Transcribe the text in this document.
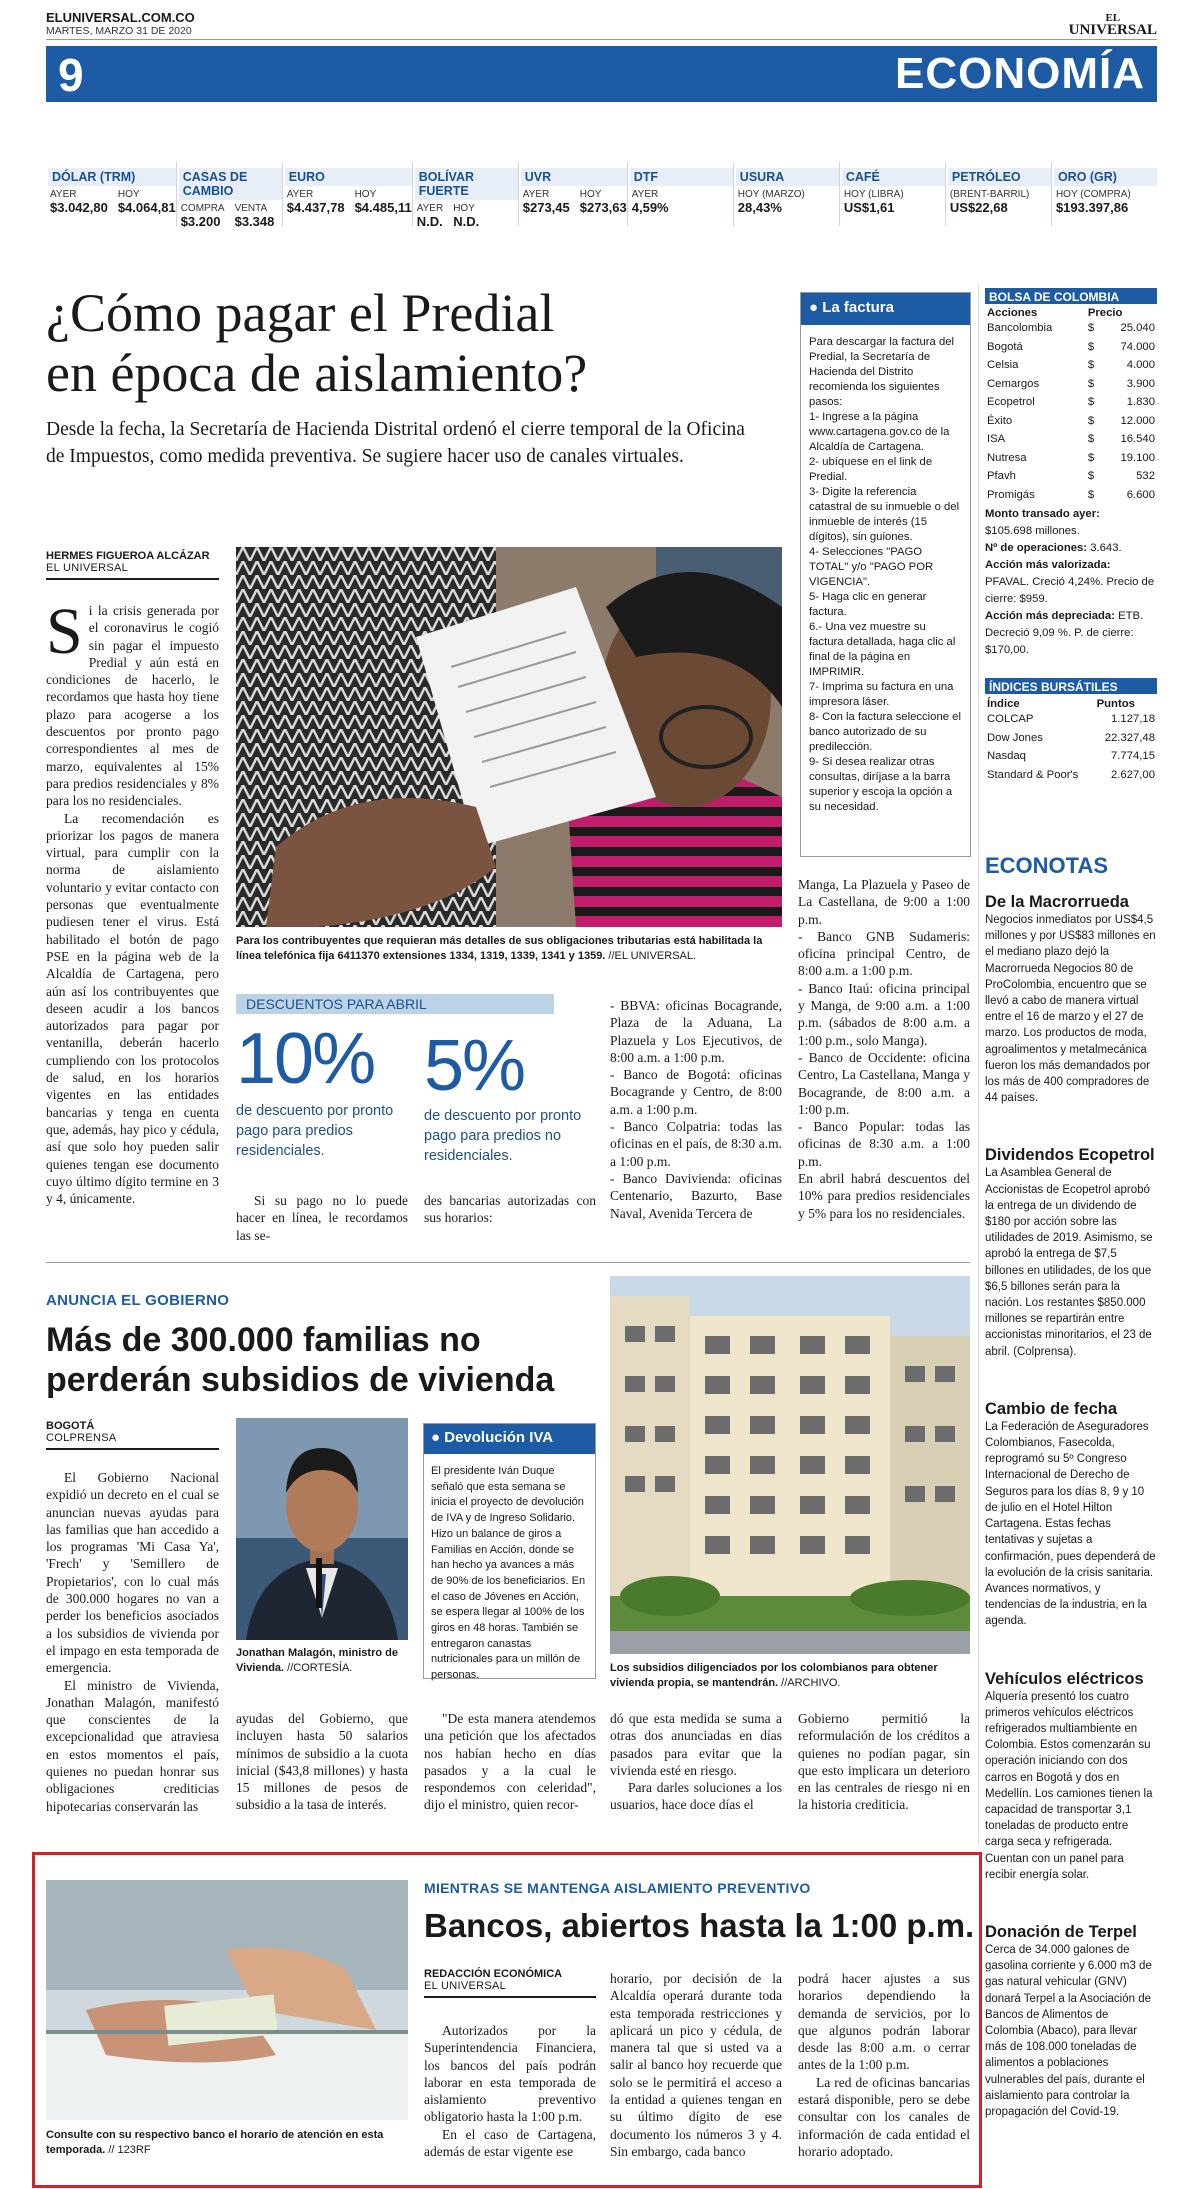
ELUNIVERSAL.COM.CO
MARTES, MARZO 31 DE 2020
EL
UNIVERSAL
9	ECONOMÍA
DÓLAR (TRM)
AYER
$3.042,80
HOY
$4.064,81
CASAS DE CAMBIO
COMPRA
$3.200
VENTA
$3.348
EURO
AYER
$4.437,78
HOY
$4.485,11
BOLÍVAR FUERTE
AYER
N.D.
HOY
N.D.
UVR
AYER
$273,45
HOY
$273,63
DTF
AYER
4,59%
USURA
HOY (MARZO)
28,43%
CAFÉ
HOY (LIBRA)
US$1,61
PETRÓLEO
(BRENT-BARRIL)
US$22,68
ORO (GR)
HOY (COMPRA)
$193.397,86
¿Cómo pagar el Predial
en época de aislamiento?

Desde la fecha, la Secretaría de Hacienda Distrital ordenó el cierre temporal de la Oficina de Impuestos, como medida preventiva. Se sugiere hacer uso de canales virtuales.

HERMES FIGUEROA ALCÁZAR
EL UNIVERSAL

Si la crisis generada por el coronavirus le cogió sin pagar el impuesto Predial y aún está en condiciones de hacerlo, le recordamos que hasta hoy tiene plazo para acogerse a los descuentos por pronto pago correspondientes al mes de marzo, equivalentes al 15% para predios residenciales y 8% para los no residenciales.

La recomendación es priorizar los pagos de manera virtual, para cumplir con la norma de aislamiento voluntario y evitar contacto con personas que eventualmente pudiesen tener el virus. Está habilitado el botón de pago PSE en la página web de la Alcaldía de Cartagena, pero aún así los contribuyentes que deseen acudir a los bancos autorizados para pagar por ventanilla, deberán hacerlo cumpliendo con los protocolos de salud, en los horarios vigentes en las entidades bancarias y tenga en cuenta que, además, hay pico y cédula, así que solo hoy pueden salir quienes tengan ese documento cuyo último dígito termine en 3 y 4, únicamente.

Para los contribuyentes que requieran más detalles de sus obligaciones tributarias está habilitada la línea telefónica fija 6411370 extensiones 1334, 1319, 1339, 1341 y 1359. //EL UNIVERSAL.

DESCUENTOS PARA ABRIL
10%

de descuento por pronto pago para predios residenciales.

5%

de descuento por pronto pago para predios no residenciales.

Si su pago no lo puede hacer en línea, le recordamos las se-

des bancarias autorizadas con sus horarios:

- BBVA: oficinas Bocagrande, Plaza de la Aduana, La Plazuela y Los Ejecutivos, de 8:00 a.m. a 1:00 p.m.
- Banco de Bogotá: oficinas Bocagrande y Centro, de 8:00 a.m. a 1:00 p.m.
- Banco Colpatria: todas las oficinas en el país, de 8:30 a.m. a 1:00 p.m.
- Banco Davivienda: oficinas Centenario, Bazurto, Base Naval, Avenida Tercera de
Manga, La Plazuela y Paseo de La Castellana, de 9:00 a 1:00 p.m.
- Banco GNB Sudameris: oficina principal Centro, de 8:00 a.m. a 1:00 p.m.
- Banco Itaú: oficina principal y Manga, de 9:00 a.m. a 1:00 p.m. (sábados de 8:00 a.m. a 1:00 p.m., solo Manga).
- Banco de Occidente: oficina Centro, La Castellana, Manga y Bocagrande, de 8:00 a.m. a 1:00 p.m.
- Banco Popular: todas las oficinas de 8:30 a.m. a 1:00 p.m.
En abril habrá descuentos del 10% para predios residenciales y 5% para los no residenciales.
● La factura
Para descargar la factura del Predial, la Secretaría de Hacienda del Distrito recomienda los siguientes pasos:
1- Ingrese a la página www.cartagena.gov.co de la Alcaldía de Cartagena.
2- ubíquese en el link de Predial.
3- Digite la referencia catastral de su inmueble o del inmueble de interés (15 dígitos), sin guiones.
4- Selecciones "PAGO TOTAL" y/o "PAGO POR VIGENCIA".
5- Haga clic en generar factura.
6.- Una vez muestre su factura detallada, haga clic al final de la página en IMPRIMIR.
7- Imprima su factura en una impresora láser.
8- Con la factura seleccione el banco autorizado de su predilección.
9- Si desea realizar otras consultas, diríjase a la barra superior y escoja la opción a su necesidad.
BOLSA DE COLOMBIA
Acciones	Precio	
Bancolombia	$	25.040
Bogotá	$	74.000
Celsia	$	4.000
Cemargos	$	3.900
Ecopetrol	$	1.830
Éxito	$	12.000
ISA	$	16.540
Nutresa	$	19.100
Pfavh	$	532
Promigás	$	6.600

Monto transado ayer:
$105.698 millones.

Nº de operaciones: 3.643.

Acción más valorizada: PFAVAL. Creció 4,24%. Precio de cierre: $959.

Acción más depreciada: ETB. Decreció 9,09 %. P. de cierre: $170,00.

ÍNDICES BURSÁTILES
Índice	Puntos
COLCAP	1.127,18
Dow Jones	22.327,48
Nasdaq	7.774,15
Standard & Poor's	2.627,00
ECONOTAS
De la Macrorrueda

Negocios inmediatos por US$4,5 millones y por US$83 millones en el mediano plazo dejó la Macrorrueda Negocios 80 de ProColombia, encuentro que se llevó a cabo de manera virtual entre el 16 de marzo y el 27 de marzo. Los productos de moda, agroalimentos y metalmecánica fueron los más demandados por los más de 400 compradores de 44 países.

Dividendos Ecopetrol

La Asamblea General de Accionistas de Ecopetrol aprobó la entrega de un dividendo de $180 por acción sobre las utilidades de 2019. Asimismo, se aprobó la entrega de $7,5 billones en utilidades, de los que $6,5 billones serán para la nación. Los restantes $850.000 millones se repartirán entre accionistas minoritarios, el 23 de abril. (Colprensa).

Cambio de fecha

La Federación de Aseguradores Colombianos, Fasecolda, reprogramó su 5º Congreso Internacional de Derecho de Seguros para los días 8, 9 y 10 de julio en el Hotel Hilton Cartagena. Estas fechas tentativas y sujetas a confirmación, pues dependerá de la evolución de la crisis sanitaria. Avances normativos, y tendencias de la industria, en la agenda.

Vehículos eléctricos

Alquería presentó los cuatro primeros vehículos eléctricos refrigerados multiambiente en Colombia. Estos comenzarán su operación iniciando con dos carros en Bogotá y dos en Medellín. Los camiones tienen la capacidad de transportar 3,1 toneladas de producto entre carga seca y refrigerada. Cuentan con un panel para recibir energía solar.

Donación de Terpel

Cerca de 34.000 galones de gasolina corriente y 6.000 m3 de gas natural vehicular (GNV) donará Terpel a la Asociación de Bancos de Alimentos de Colombia (Abaco), para llevar más de 108.000 toneladas de alimentos a poblaciones vulnerables del país, durante el aislamiento para controlar la propagación del Covid-19.

ANUNCIA EL GOBIERNO
Más de 300.000 familias no
perderán subsidios de vivienda
BOGOTÁ
COLPRENSA

El Gobierno Nacional expidió un decreto en el cual se anuncian nuevas ayudas para las familias que han accedido a los programas 'Mi Casa Ya', 'Frech' y 'Semillero de Propietarios', con lo cual más de 300.000 hogares no van a perder los beneficios asociados a los subsidios de vivienda por el impago en esta temporada de emergencia.

El ministro de Vivienda, Jonathan Malagón, manifestó que conscientes de la excepcionalidad que atraviesa en estos momentos el país, quienes no puedan honrar sus obligaciones crediticias hipotecarias conservarán las

Jonathan Malagón, ministro de Vivienda. //CORTESÍA.

● Devolución IVA
El presidente Iván Duque señaló que esta semana se inicia el proyecto de devolución de IVA y de Ingreso Solidario. Hizo un balance de giros a Familias en Acción, donde se han hecho ya avances a más de 90% de los beneficiarios. En el caso de Jóvenes en Acción, se espera llegar al 100% de los giros en 48 horas. También se entregaron canastas nutricionales para un millón de personas.

Los subsidios diligenciados por los colombianos para obtener vivienda propia, se mantendrán. //ARCHIVO.

ayudas del Gobierno, que incluyen hasta 50 salarios mínimos de subsidio a la cuota inicial ($43,8 millones) y hasta 15 millones de pesos de subsidio a la tasa de interés.

"De esta manera atendemos una petición que los afectados nos habían hecho en días pasados y a la cual le respondemos con celeridad", dijo el ministro, quien recor-

dó que esta medida se suma a otras dos anunciadas en días pasados para evitar que la vivienda esté en riesgo.

Para darles soluciones a los usuarios, hace doce días el

Gobierno permitió la reformulación de los créditos a quienes no podían pagar, sin que esto implicara un deterioro en las centrales de riesgo ni en la historia crediticia.

Consulte con su respectivo banco el horario de atención en esta temporada. // 123RF

MIENTRAS SE MANTENGA AISLAMIENTO PREVENTIVO
Bancos, abiertos hasta la 1:00 p.m.
REDACCIÓN ECONÓMICA
EL UNIVERSAL

Autorizados por la Superintendencia Financiera, los bancos del país podrán laborar en esta temporada de aislamiento preventivo obligatorio hasta la 1:00 p.m.

En el caso de Cartagena, además de estar vigente ese

horario, por decisión de la Alcaldía operará durante toda esta temporada restricciones y aplicará un pico y cédula, de manera tal que si usted va a salir al banco hoy recuerde que solo se le permitirá el acceso a la entidad a quienes tengan en su último dígito de ese documento los números 3 y 4. Sin embargo, cada banco

podrá hacer ajustes a sus horarios dependiendo la demanda de servicios, por lo que algunos podrán laborar desde las 8:00 a.m. o cerrar antes de la 1:00 p.m.

La red de oficinas bancarias estará disponible, pero se debe consultar con los canales de información de cada entidad el horario adoptado.
